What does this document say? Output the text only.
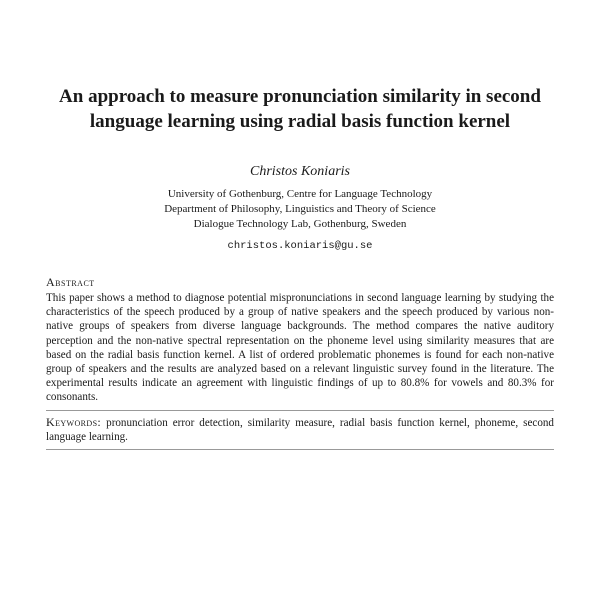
An approach to measure pronunciation similarity in second
language learning using radial basis function kernel
Christos Koniaris
University of Gothenburg, Centre for Language Technology
Department of Philosophy, Linguistics and Theory of Science
Dialogue Technology Lab, Gothenburg, Sweden
christos.koniaris@gu.se
Abstract
This paper shows a method to diagnose potential mispronunciations in second language learning by studying the characteristics of the speech produced by a group of native speakers and the speech produced by various non-native groups of speakers from diverse language backgrounds. The method compares the native auditory perception and the non-native spectral representation on the phoneme level using similarity measures that are based on the radial basis function kernel. A list of ordered problematic phonemes is found for each non-native group of speakers and the results are analyzed based on a relevant linguistic survey found in the literature. The experimental results indicate an agreement with linguistic findings of up to 80.8% for vowels and 80.3% for consonants.
Keywords: pronunciation error detection, similarity measure, radial basis function kernel, phoneme, second language learning.
